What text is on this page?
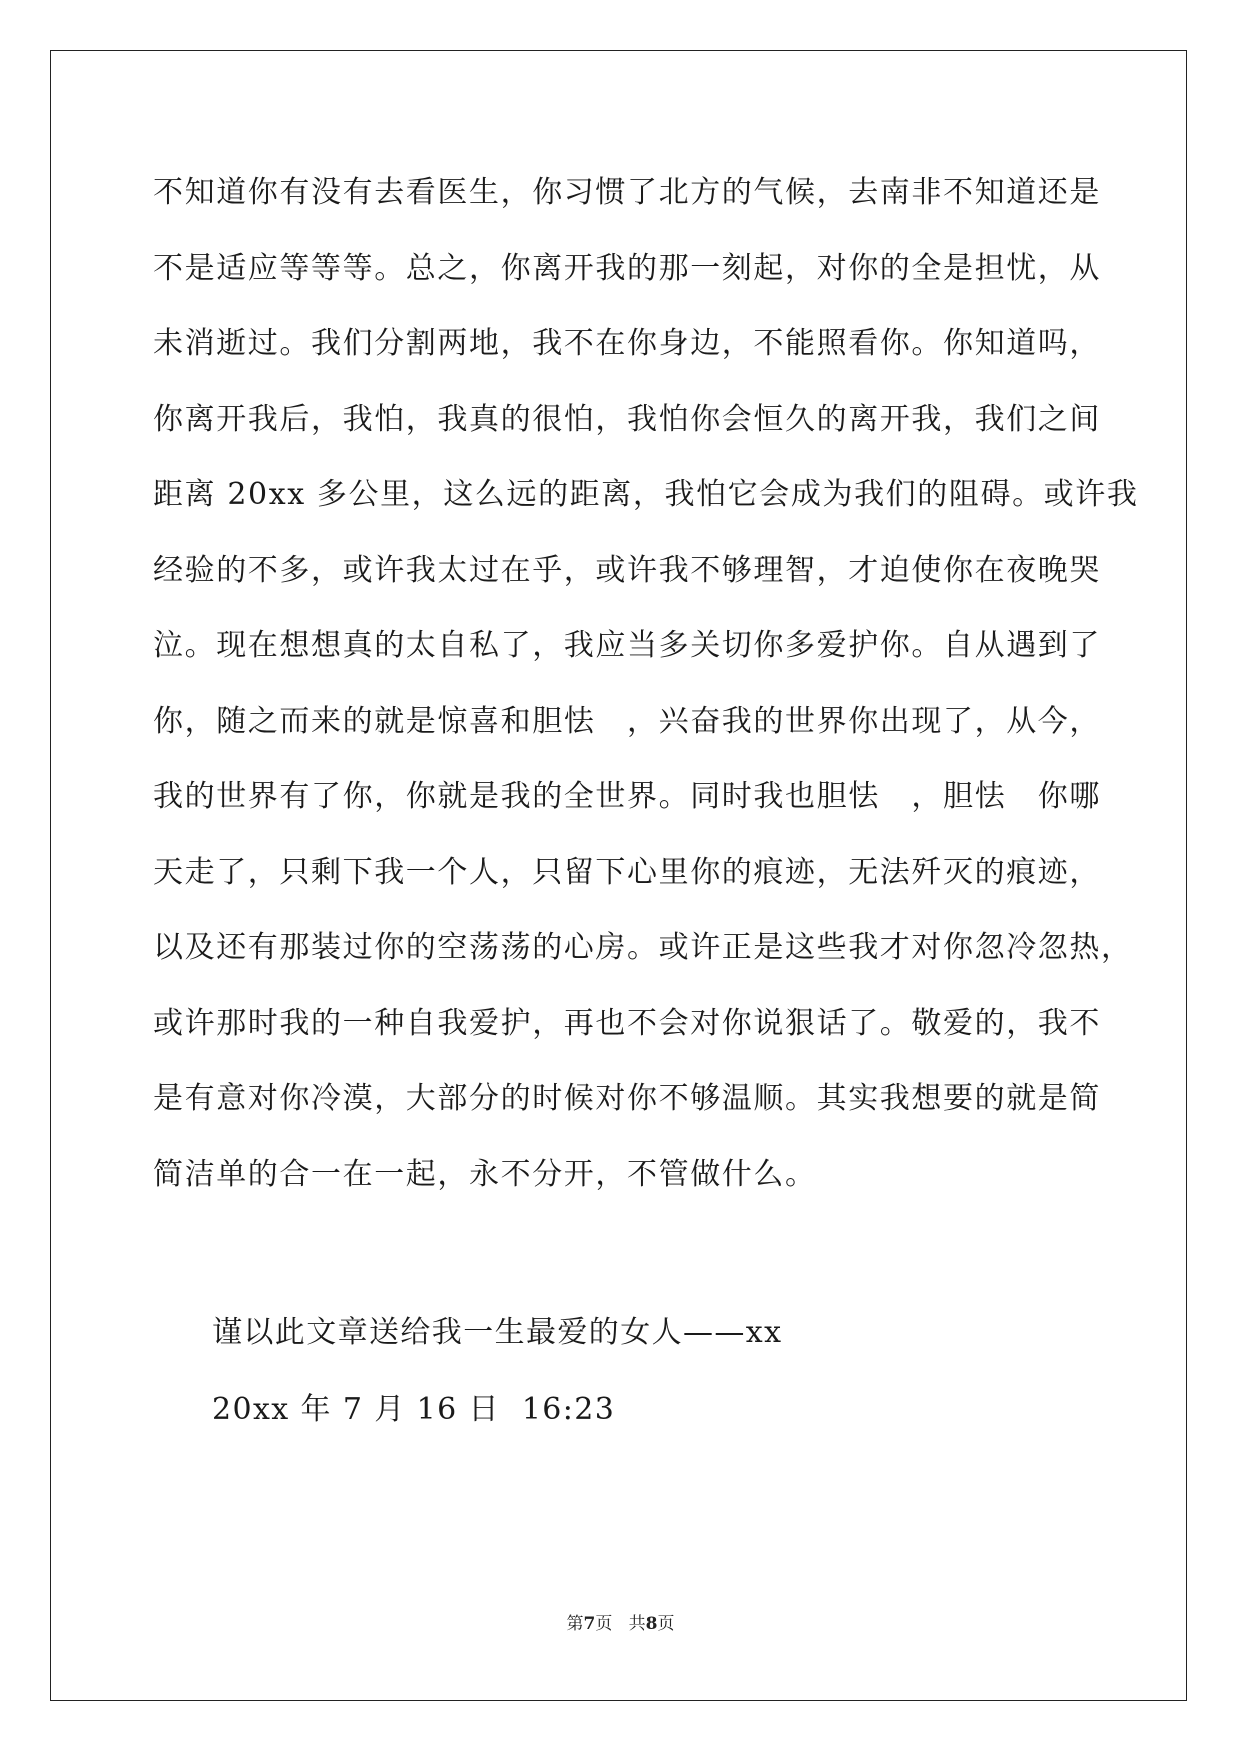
不知道你有没有去看医生，你习惯了北方的气候，去南非不知道还是
不是适应等等等。总之，你离开我的那一刻起，对你的全是担忧，从
未消逝过。我们分割两地，我不在你身边，不能照看你。你知道吗，
你离开我后，我怕，我真的很怕，我怕你会恒久的离开我，我们之间
距离 20xx 多公里，这么远的距离，我怕它会成为我们的阻碍。或许我
经验的不多，或许我太过在乎，或许我不够理智，才迫使你在夜晚哭
泣。现在想想真的太自私了，我应当多关切你多爱护你。自从遇到了
你，随之而来的就是惊喜和胆怯　，兴奋我的世界你出现了，从今，
我的世界有了你，你就是我的全世界。同时我也胆怯　，胆怯　你哪
天走了，只剩下我一个人，只留下心里你的痕迹，无法歼灭的痕迹，
以及还有那装过你的空荡荡的心房。或许正是这些我才对你忽冷忽热，
或许那时我的一种自我爱护，再也不会对你说狠话了。敬爱的，我不
是有意对你冷漠，大部分的时候对你不够温顺。其实我想要的就是简
简洁单的合一在一起，永不分开，不管做什么。
谨以此文章送给我一生最爱的女人——xx
20xx 年 7 月 16 日  16:23
第7页   共8页
